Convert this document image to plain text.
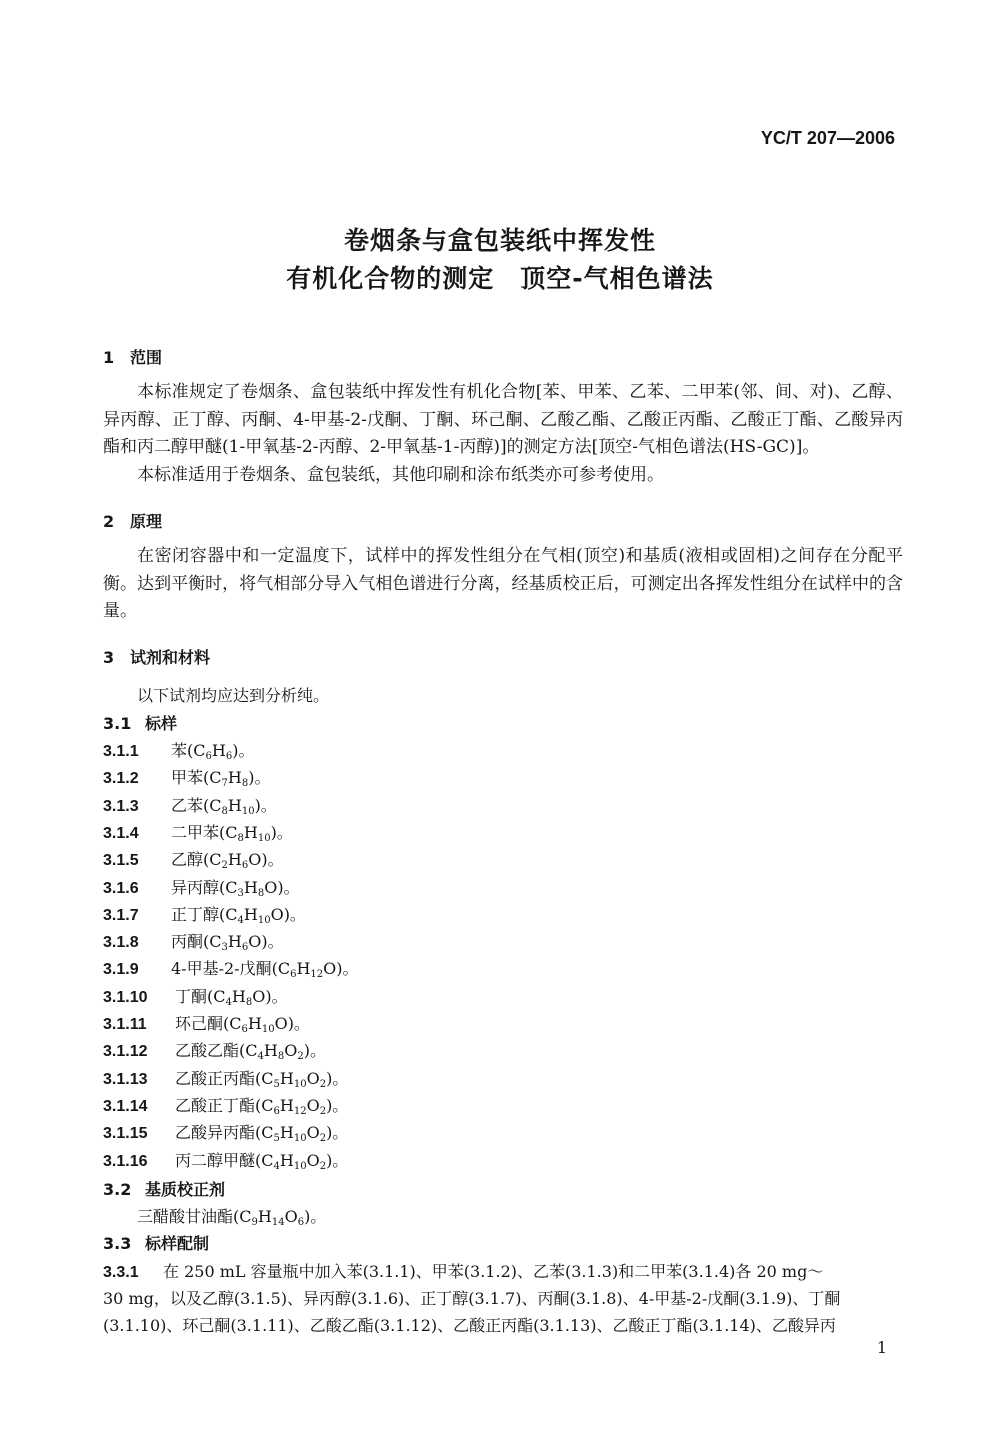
YC/T 207—2006
卷烟条与盒包装纸中挥发性
有机化合物的测定　顶空-气相色谱法
1 范围

本标准规定了卷烟条、盒包装纸中挥发性有机化合物[苯、甲苯、乙苯、二甲苯(邻、间、对)、乙醇、异丙醇、正丁醇、丙酮、4-甲基-2-戊酮、丁酮、环己酮、乙酸乙酯、乙酸正丙酯、乙酸正丁酯、乙酸异丙酯和丙二醇甲醚(1-甲氧基-2-丙醇、2-甲氧基-1-丙醇)]的测定方法[顶空-气相色谱法(HS-GC)]。

本标准适用于卷烟条、盒包装纸，其他印刷和涂布纸类亦可参考使用。

2 原理

在密闭容器中和一定温度下，试样中的挥发性组分在气相(顶空)和基质(液相或固相)之间存在分配平衡。达到平衡时，将气相部分导入气相色谱进行分离，经基质校正后，可测定出各挥发性组分在试样中的含量。

3 试剂和材料
以下试剂均应达到分析纯。
3.1 标样
3.1.1 苯$(C_6H_6)$。
3.1.2 甲苯$(C_7H_8)$。
3.1.3 乙苯$(C_8H_{10})$。
3.1.4 二甲苯$(C_8H_{10})$。
3.1.5 乙醇$(C_2H_6O)$。
3.1.6 异丙醇$(C_3H_8O)$。
3.1.7 正丁醇$(C_4H_{10}O)$。
3.1.8 丙酮$(C_3H_6O)$。
3.1.9 4-甲基-2-戊酮$(C_6H_{12}O)$。
3.1.10 丁酮$(C_4H_8O)$。
3.1.11 环己酮$(C_6H_{10}O)$。
3.1.12 乙酸乙酯$(C_4H_8O_2)$。
3.1.13 乙酸正丙酯$(C_5H_{10}O_2)$。
3.1.14 乙酸正丁酯$(C_6H_{12}O_2)$。
3.1.15 乙酸异丙酯$(C_5H_{10}O_2)$。
3.1.16 丙二醇甲醚$(C_4H_{10}O_2)$。
3.2 基质校正剂
三醋酸甘油酯$(C_9H_{14}O_6)$。
3.3 标样配制
3.3.1 在 250 mL 容量瓶中加入苯(3.1.1)、甲苯(3.1.2)、乙苯(3.1.3)和二甲苯(3.1.4)各 20 mg～
30 mg，以及乙醇(3.1.5)、异丙醇(3.1.6)、正丁醇(3.1.7)、丙酮(3.1.8)、4-甲基-2-戊酮(3.1.9)、丁酮
(3.1.10)、环己酮(3.1.11)、乙酸乙酯(3.1.12)、乙酸正丙酯(3.1.13)、乙酸正丁酯(3.1.14)、乙酸异丙
1
